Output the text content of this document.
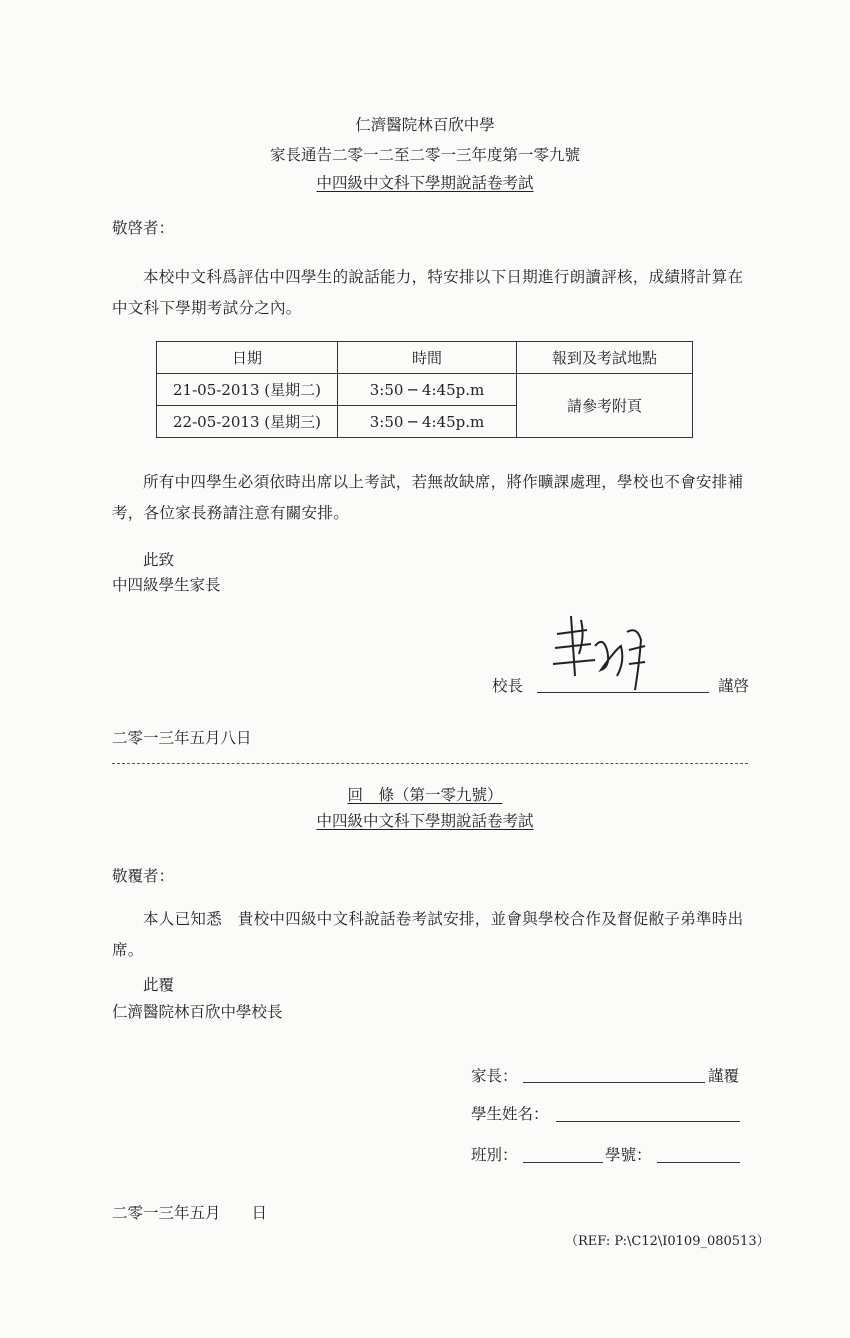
仁濟醫院林百欣中學
家長通告二零一二至二零一三年度第一零九號
中四級中文科下學期說話卷考試
敬啓者：
本校中文科爲評估中四學生的說話能力，特安排以下日期進行朗讀評核，成績將計算在中文科下學期考試分之內。
日期	時間	報到及考試地點
21-05-2013 (星期二)	3:50 ─ 4:45p.m	請參考附頁
22-05-2013 (星期三)	3:50 ─ 4:45p.m	
所有中四學生必須依時出席以上考試，若無故缺席，將作曠課處理，學校也不會安排補考，各位家長務請注意有關安排。
此致
中四級學生家長
校長	謹啓
二零一三年五月八日
回　條（第一零九號）
中四級中文科下學期說話卷考試
敬覆者：
本人已知悉　貴校中四級中文科說話卷考試安排，並會與學校合作及督促敝子弟準時出席。
此覆
仁濟醫院林百欣中學校長
家長：	謹覆
學生姓名：
班別：	學號：
二零一三年五月　　日
（REF: P:\C12\I0109_080513）
